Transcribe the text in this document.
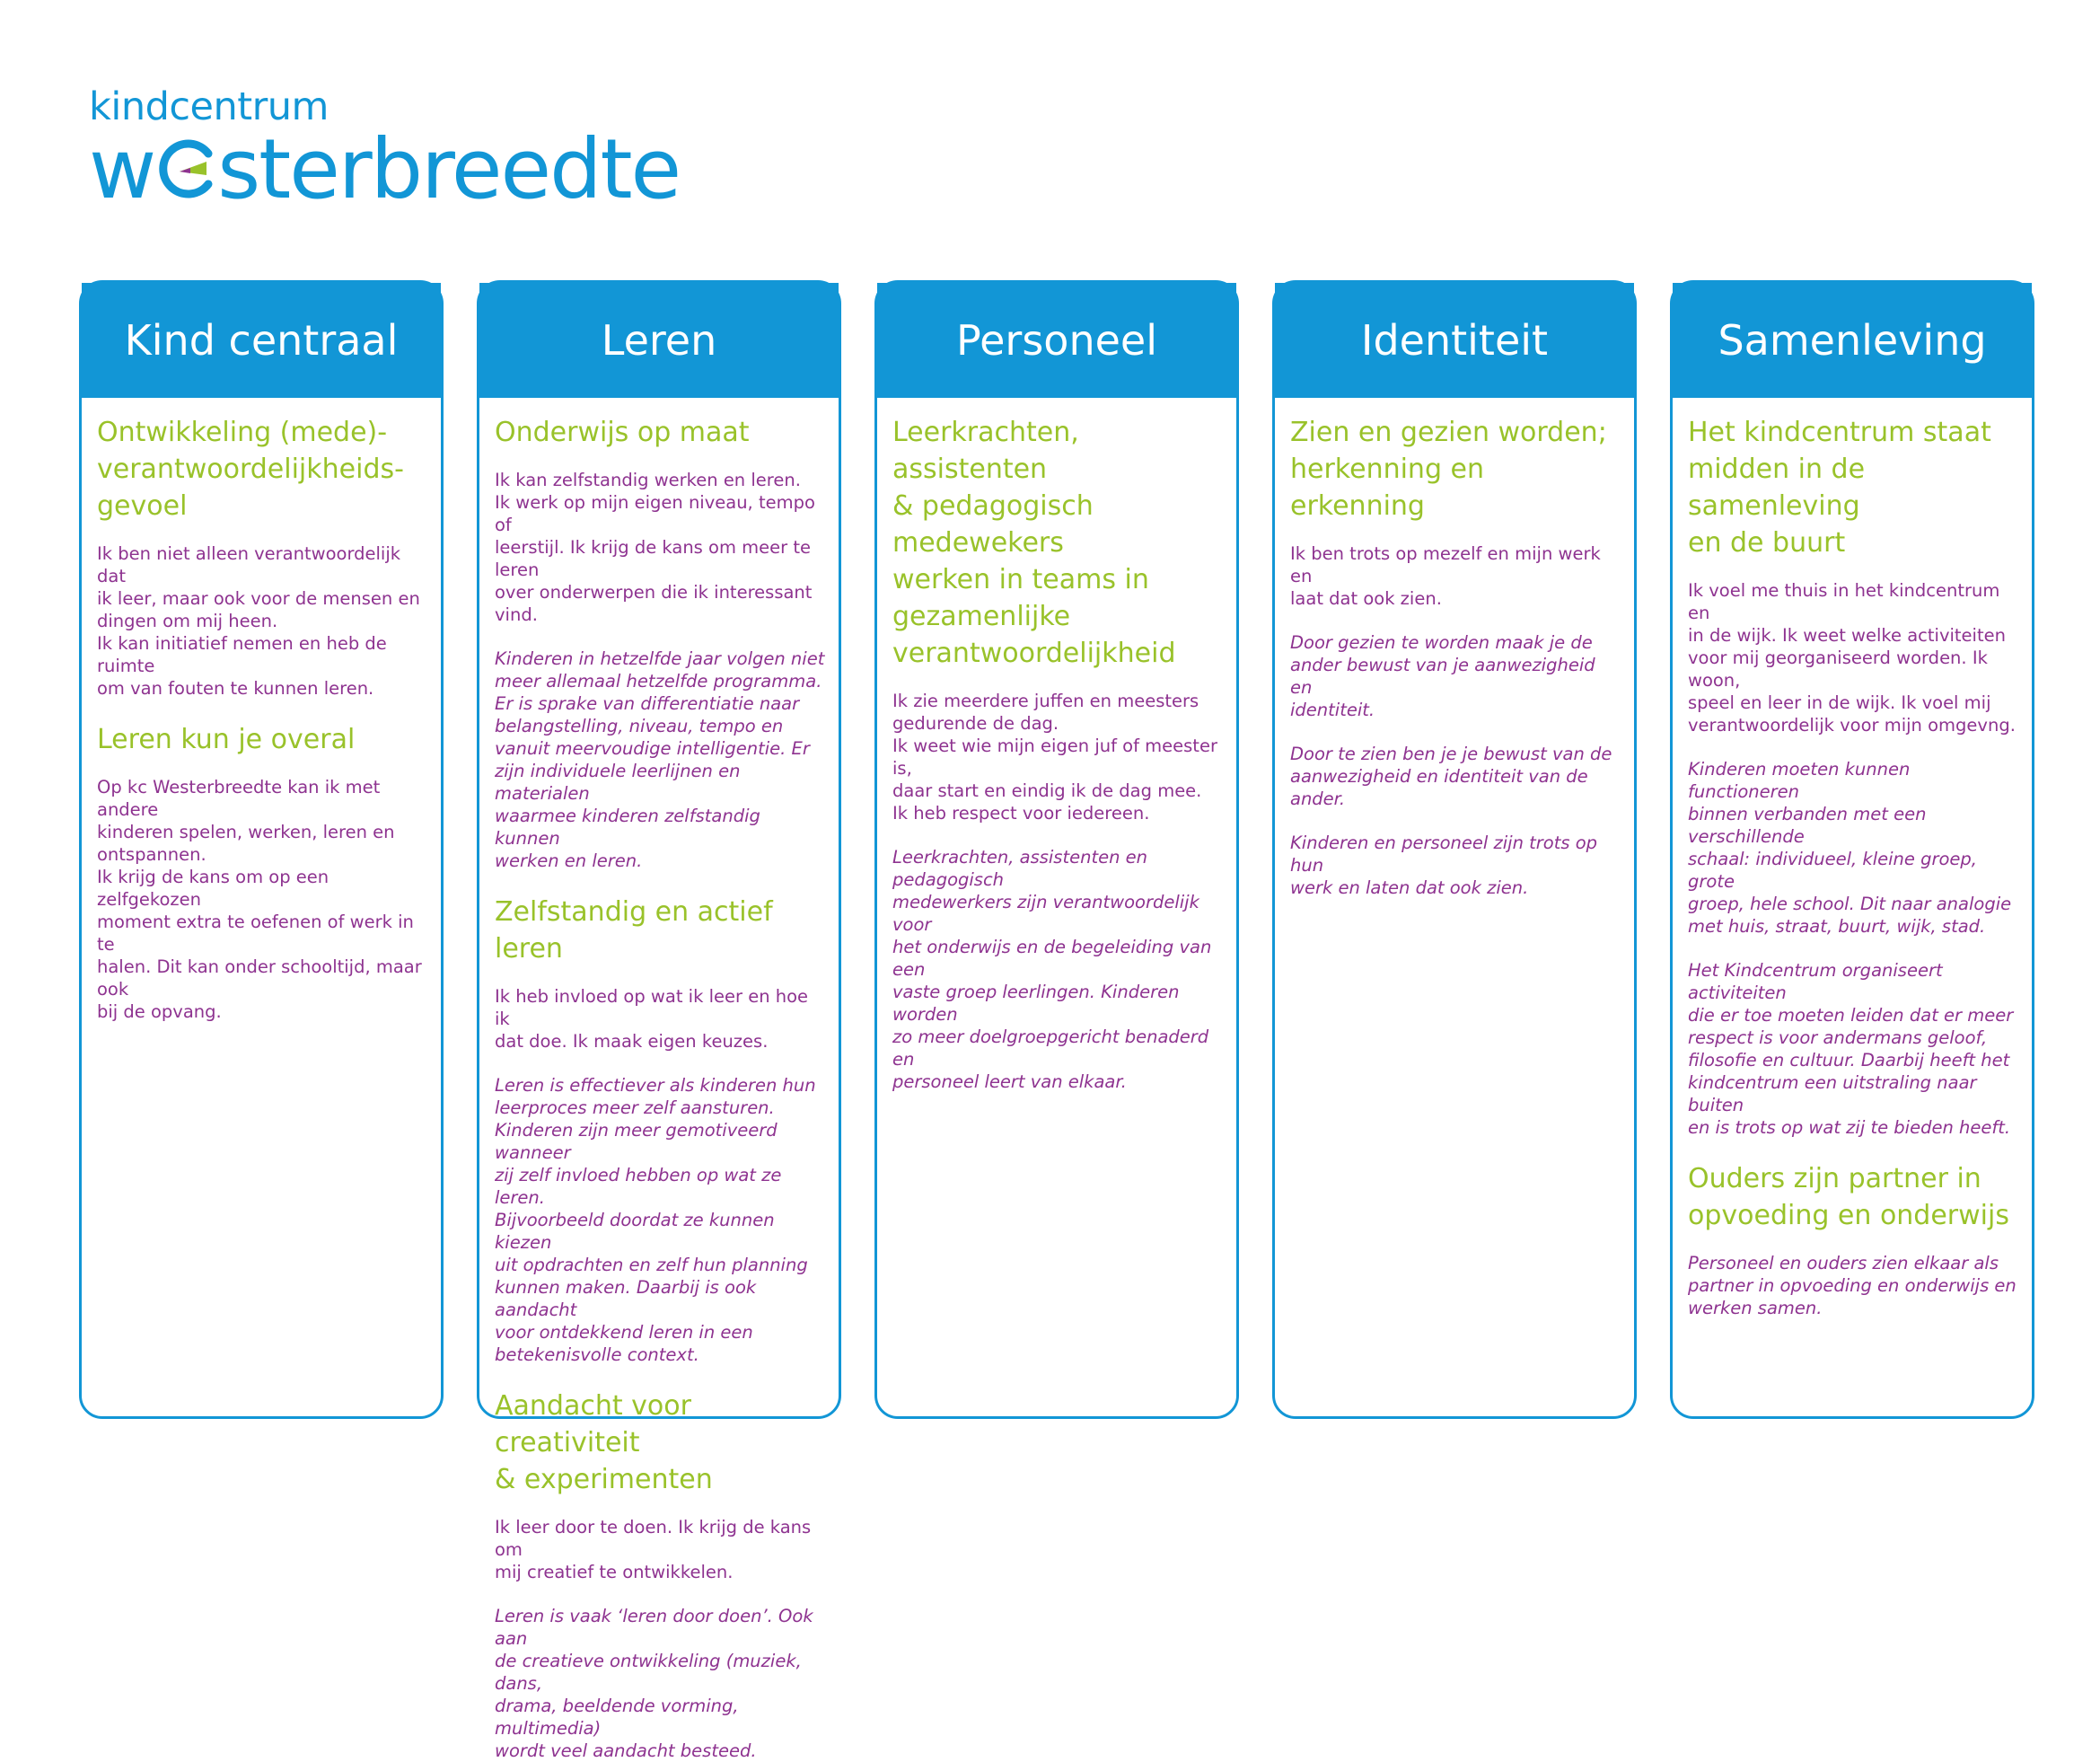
kindcentrum
w sterbreedte
Kind centraal
Ontwikkeling (mede)-
verantwoordelijkheids-
gevoel
Ik ben niet alleen verantwoordelijk dat
ik leer, maar ook voor de mensen en
dingen om mij heen.
Ik kan initiatief nemen en heb de ruimte
om van fouten te kunnen leren.
Leren kun je overal
Op kc Westerbreedte kan ik met andere
kinderen spelen, werken, leren en
ontspannen.
Ik krijg de kans om op een zelfgekozen
moment extra te oefenen of werk in te
halen. Dit kan onder schooltijd, maar ook
bij de opvang.
Leren
Onderwijs op maat
Ik kan zelfstandig werken en leren.
Ik werk op mijn eigen niveau, tempo of
leerstijl. Ik krijg de kans om meer te leren
over onderwerpen die ik interessant vind.
Kinderen in hetzelfde jaar volgen niet
meer allemaal hetzelfde programma.
Er is sprake van differentiatie naar
belangstelling, niveau, tempo en
vanuit meervoudige intelligentie. Er
zijn individuele leerlijnen en materialen
waarmee kinderen zelfstandig kunnen
werken en leren.
Zelfstandig en actief leren
Ik heb invloed op wat ik leer en hoe ik
dat doe. Ik maak eigen keuzes.
Leren is effectiever als kinderen hun
leerproces meer zelf aansturen.
Kinderen zijn meer gemotiveerd wanneer
zij zelf invloed hebben op wat ze leren.
Bijvoorbeeld doordat ze kunnen kiezen
uit opdrachten en zelf hun planning
kunnen maken. Daarbij is ook aandacht
voor ontdekkend leren in een
betekenisvolle context.
Aandacht voor creativiteit
& experimenten
Ik leer door te doen. Ik krijg de kans om
mij creatief te ontwikkelen.
Leren is vaak ‘leren door doen’. Ook aan
de creatieve ontwikkeling (muziek, dans,
drama, beeldende vorming, multimedia)
wordt veel aandacht besteed.
Personeel
Leerkrachten, assistenten
& pedagogisch medewekers
werken in teams in
gezamenlijke
verantwoordelijkheid
Ik zie meerdere juffen en meesters
gedurende de dag.
Ik weet wie mijn eigen juf of meester is,
daar start en eindig ik de dag mee.
Ik heb respect voor iedereen.
Leerkrachten, assistenten en pedagogisch
medewerkers zijn verantwoordelijk voor
het onderwijs en de begeleiding van een
vaste groep leerlingen. Kinderen worden
zo meer doelgroepgericht benaderd en
personeel leert van elkaar.
Identiteit
Zien en gezien worden;
herkenning en erkenning
Ik ben trots op mezelf en mijn werk en
laat dat ook zien.
Door gezien te worden maak je de
ander bewust van je aanwezigheid en
identiteit.
Door te zien ben je je bewust van de
aanwezigheid en identiteit van de ander.
Kinderen en personeel zijn trots op hun
werk en laten dat ook zien.
Samenleving
Het kindcentrum staat
midden in de samenleving
en de buurt
Ik voel me thuis in het kindcentrum en
in de wijk. Ik weet welke activiteiten
voor mij georganiseerd worden. Ik woon,
speel en leer in de wijk. Ik voel mij
verantwoordelijk voor mijn omgevng.
Kinderen moeten kunnen functioneren
binnen verbanden met een verschillende
schaal: individueel, kleine groep, grote
groep, hele school. Dit naar analogie
met huis, straat, buurt, wijk, stad.
Het Kindcentrum organiseert activiteiten
die er toe moeten leiden dat er meer
respect is voor andermans geloof,
filosofie en cultuur. Daarbij heeft het
kindcentrum een uitstraling naar buiten
en is trots op wat zij te bieden heeft.
Ouders zijn partner in
opvoeding en onderwijs
Personeel en ouders zien elkaar als
partner in opvoeding en onderwijs en
werken samen.
